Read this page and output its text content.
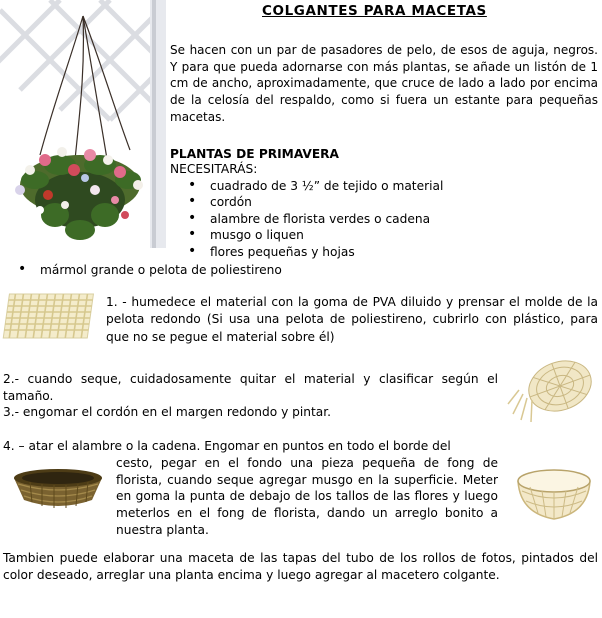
COLGANTES PARA MACETAS
Se hacen con un par de pasadores de pelo, de esos de aguja, negros. Y para que pueda adornarse con más plantas, se añade un listón de 1 cm de ancho, aproximadamente, que cruce de lado a lado por encima de la celosía del respaldo, como si fuera un estante para pequeñas macetas.
PLANTAS DE PRIMAVERA
NECESITARÁS:
• cuadrado de 3 ½” de tejido o material
• cordón
• alambre de florista verdes o cadena
• musgo o liquen
• flores pequeñas y hojas
• mármol grande o pelota de poliestireno
1. - humedece el material con la goma de PVA diluido y prensar el molde de la pelota redondo (Si usa una pelota de poliestireno, cubrirlo con plástico, para que no se pegue el material sobre él)
2.- cuando seque, cuidadosamente quitar el material y clasificar según el tamaño.
3.- engomar el cordón en el margen redondo y pintar.
4. – atar el alambre o la cadena. Engomar en puntos en todo el borde del
cesto, pegar en el fondo una pieza pequeña de fong de florista, cuando seque agregar musgo en la superficie. Meter en goma la punta de debajo de los tallos de las flores y luego meterlos en el fong de florista, dando un arreglo bonito a nuestra planta.
Tambien puede elaborar una maceta de las tapas del tubo de los rollos de fotos, pintados del color deseado, arreglar una planta encima y luego agregar al macetero colgante.
